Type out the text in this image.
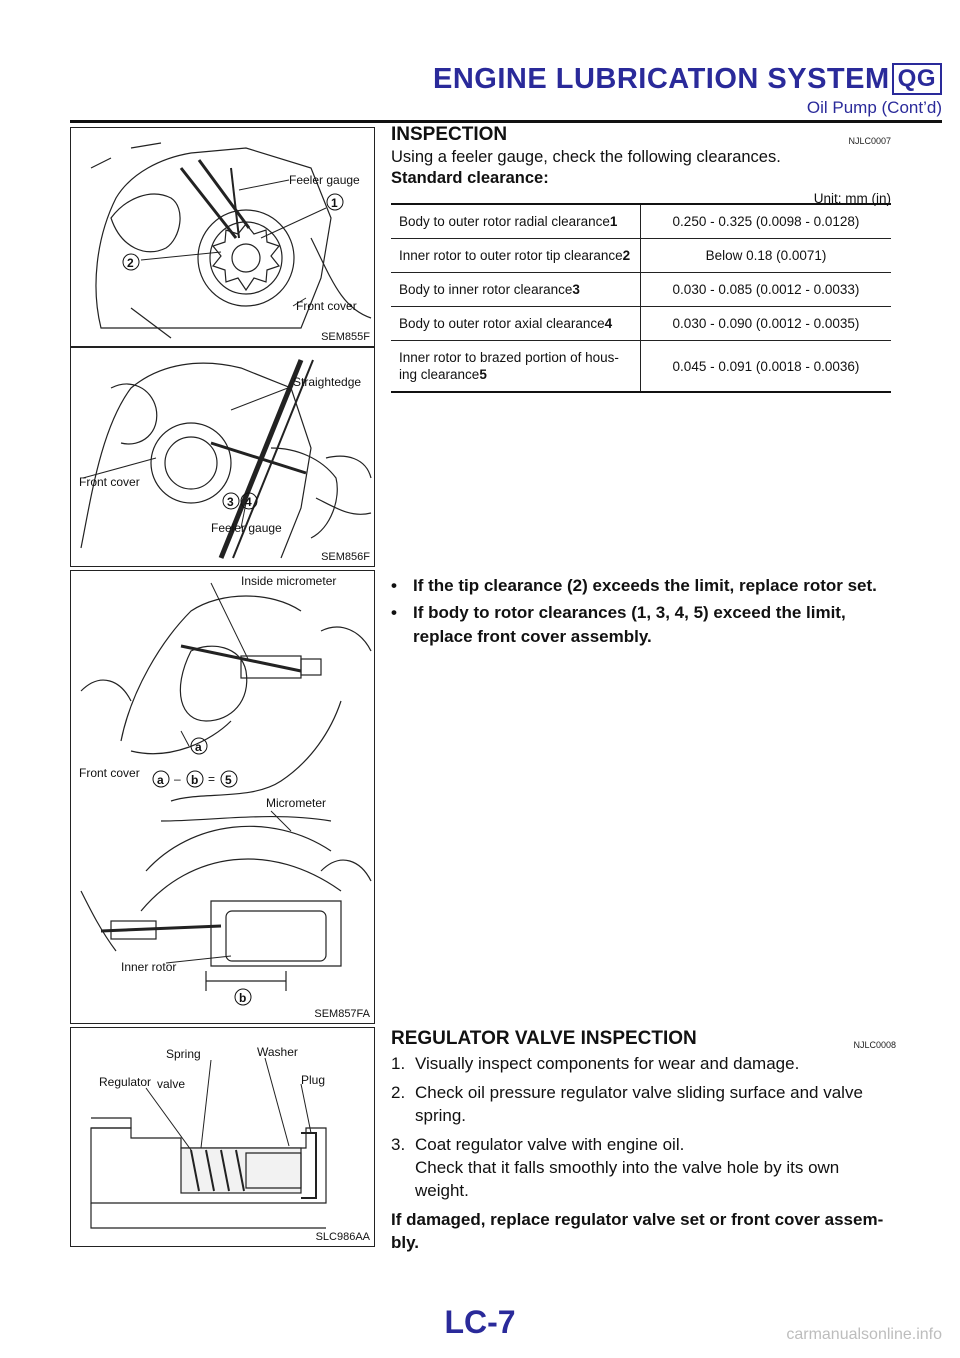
ENGINE LUBRICATION SYSTEM QG
Oil Pump (Cont’d)
Feeler gauge
Front cover
1
2
SEM855F
Straightedge
Front cover
Feeler gauge
3 4
SEM856F
Inside micrometer
Front cover
Micrometer
Inner rotor
a
a – b = 5
b
SEM857FA
Spring	Washer
Regulator valve	Plug
SLC986AA
INSPECTION	NJLC0007
Using a feeler gauge, check the following clearances.
Standard clearance:
Unit: mm (in)
Body to outer rotor radial clearance1	0.250 - 0.325 (0.0098 - 0.0128)
Inner rotor to outer rotor tip clearance2	Below 0.18 (0.0071)
Body to inner rotor clearance3	0.030 - 0.085 (0.0012 - 0.0033)
Body to outer rotor axial clearance4	0.030 - 0.090 (0.0012 - 0.0035)
Inner rotor to brazed portion of hous- ing clearance5	0.045 - 0.091 (0.0018 - 0.0036)
• If the tip clearance (2) exceeds the limit, replace rotor set.
• If body to rotor clearances (1, 3, 4, 5) exceed the limit, replace front cover assembly.
REGULATOR VALVE INSPECTION	NJLC0008
1. Visually inspect components for wear and damage.
2. Check oil pressure regulator valve sliding surface and valve spring.
3. Coat regulator valve with engine oil.
Check that it falls smoothly into the valve hole by its own weight.
If damaged, replace regulator valve set or front cover assem- bly.
LC-7	carmanualsonline.info
